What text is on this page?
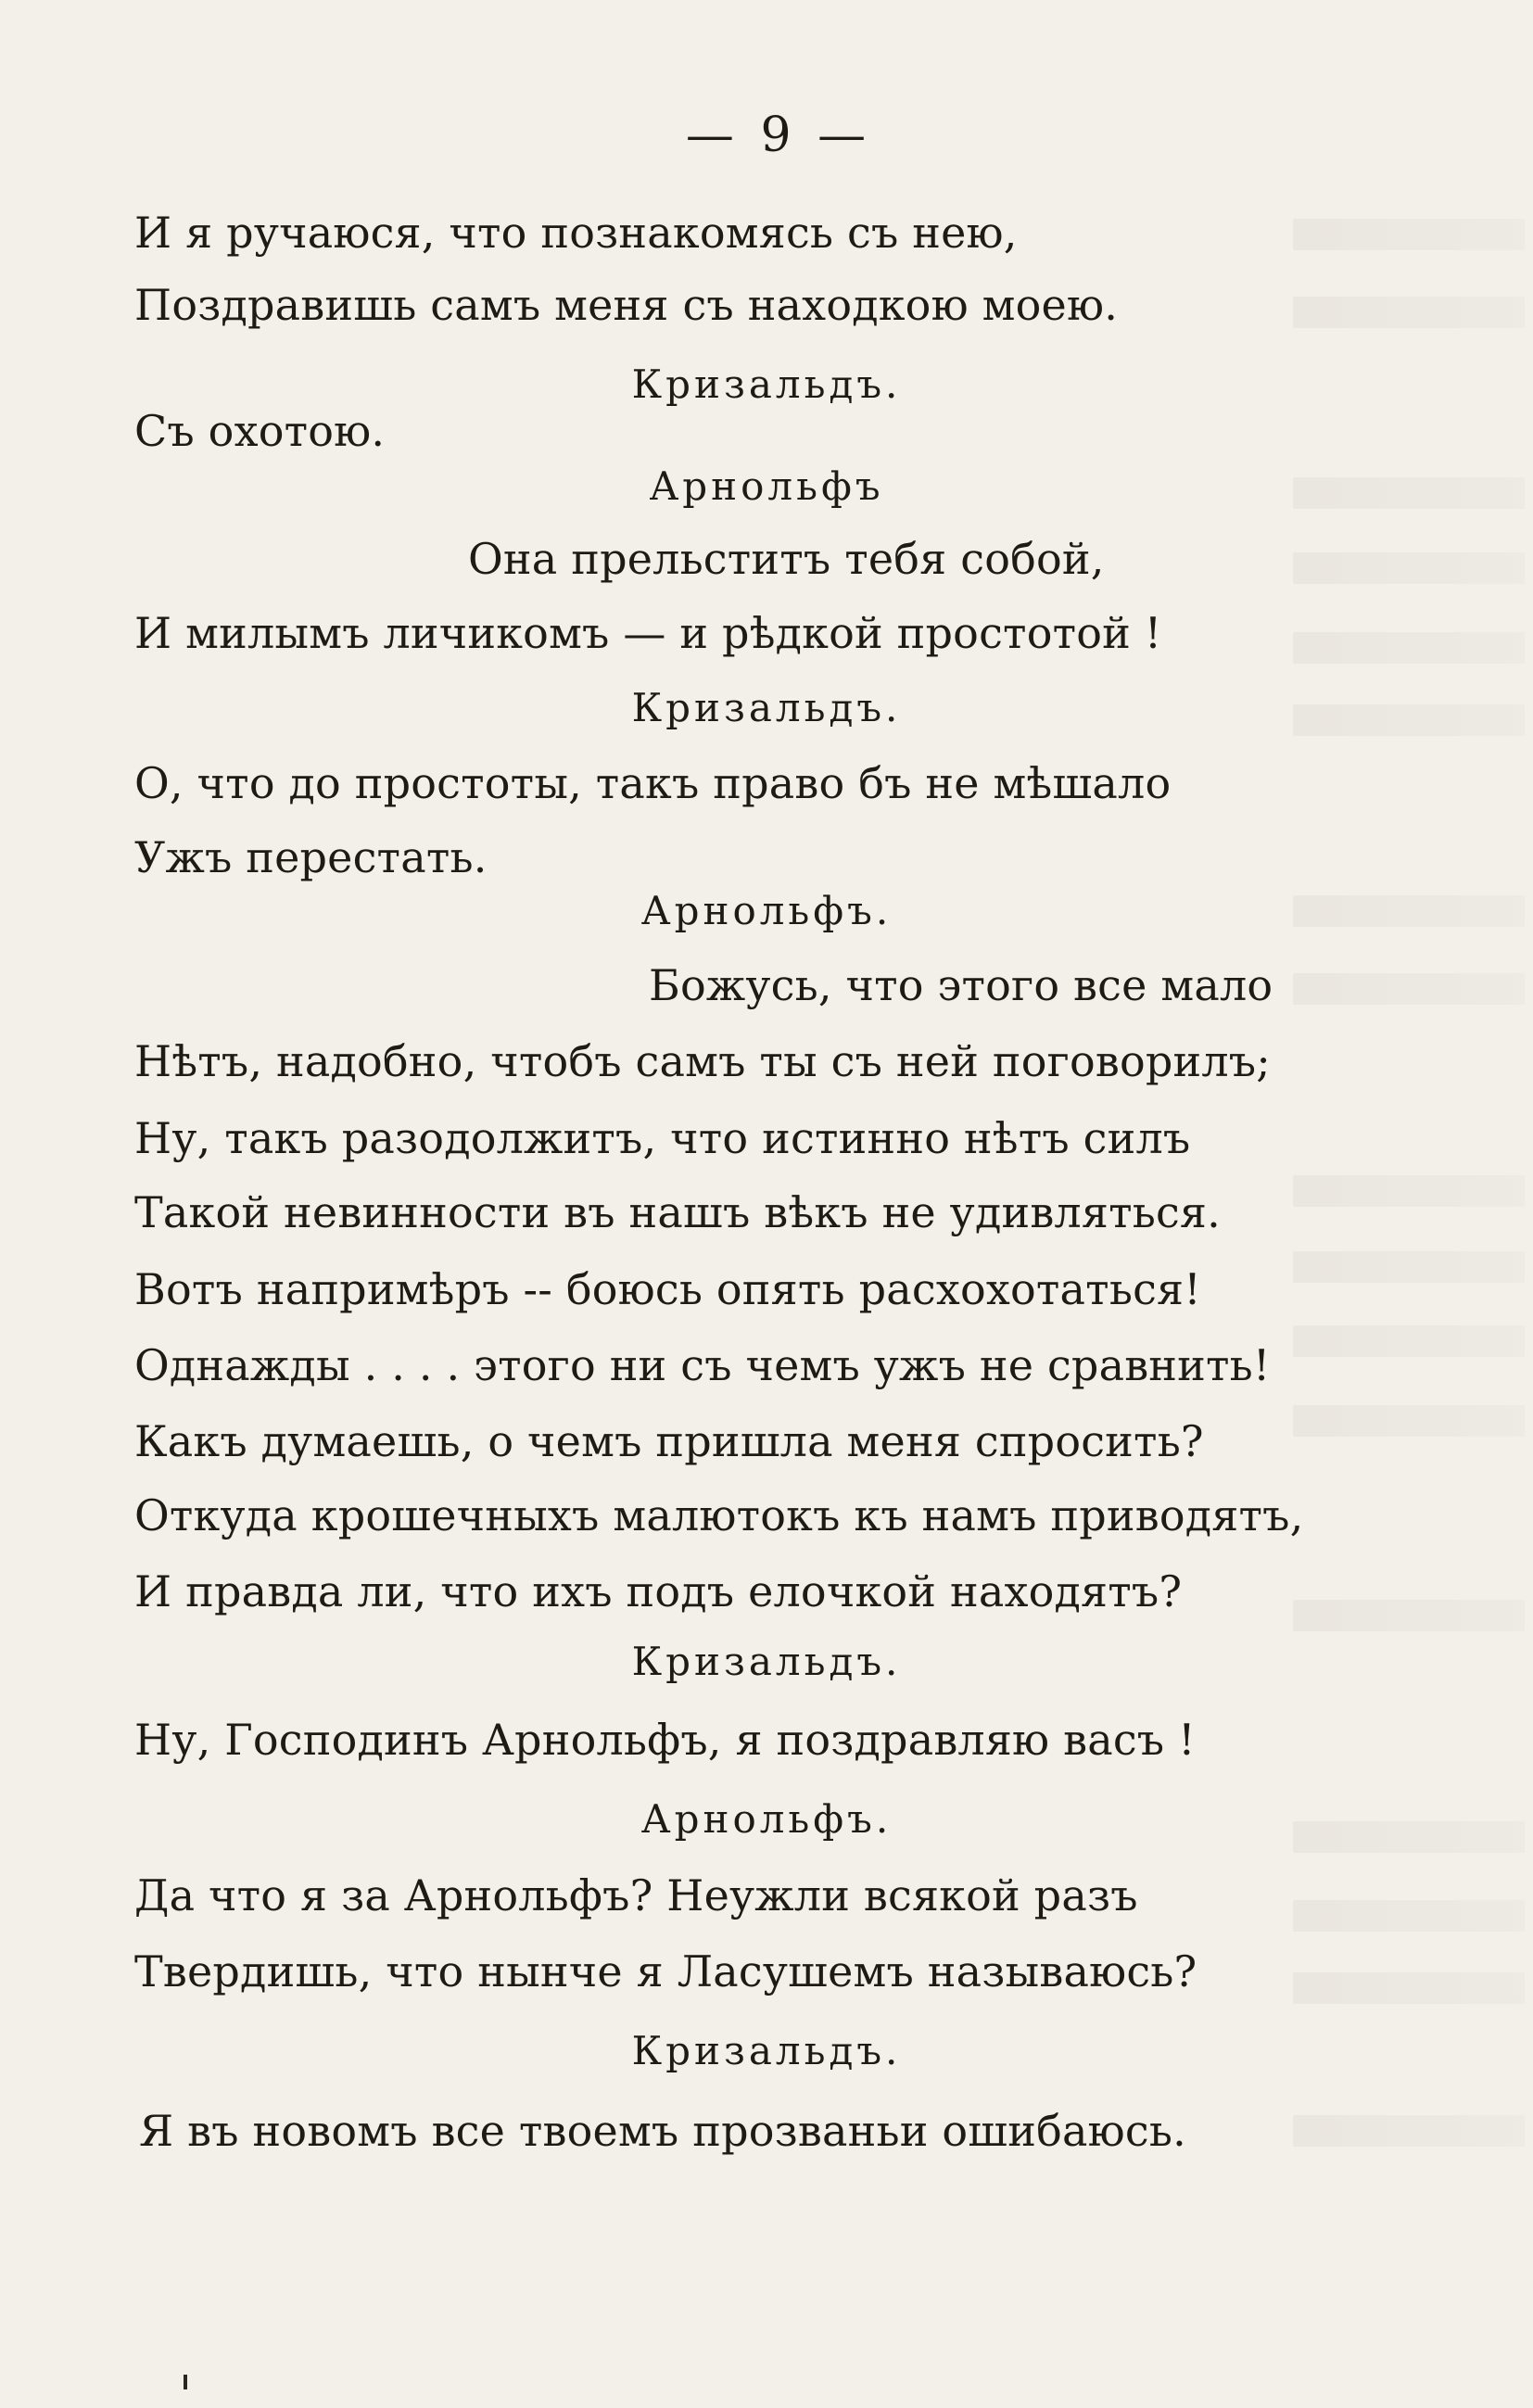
— 9 —
И я ручаюся, что познакомясь съ нею,
Поздравишь самъ меня съ находкою моею.
Кризальдъ.
Съ охотою.
Арнольфъ
Она прельститъ тебя собой,
И милымъ личикомъ — и рѣдкой простотой !
Кризальдъ.
О, что до простоты, такъ право бъ не мѣшало
Ужъ перестать.
Арнольфъ.
Божусь, что этого все мало
Нѣтъ, надобно, чтобъ самъ ты съ ней поговорилъ;
Ну, такъ разодолжитъ, что истинно нѣтъ силъ
Такой невинности въ нашъ вѣкъ не удивляться.
Вотъ напримѣръ -- боюсь опять расхохотаться!
Однажды . . . . этого ни съ чемъ ужъ не сравнить!
Какъ думаешь, о чемъ пришла меня спросить?
Откуда крошечныхъ малютокъ къ намъ приводятъ,
И правда ли, что ихъ подъ елочкой находятъ?
Кризальдъ.
Ну, Господинъ Арнольфъ, я поздравляю васъ !
Арнольфъ.
Да что я за Арнольфъ? Неужли всякой разъ
Твердишь, что нынче я Ласушемъ называюсь?
Кризальдъ.
Я въ новомъ все твоемъ прозваньи ошибаюсь.
